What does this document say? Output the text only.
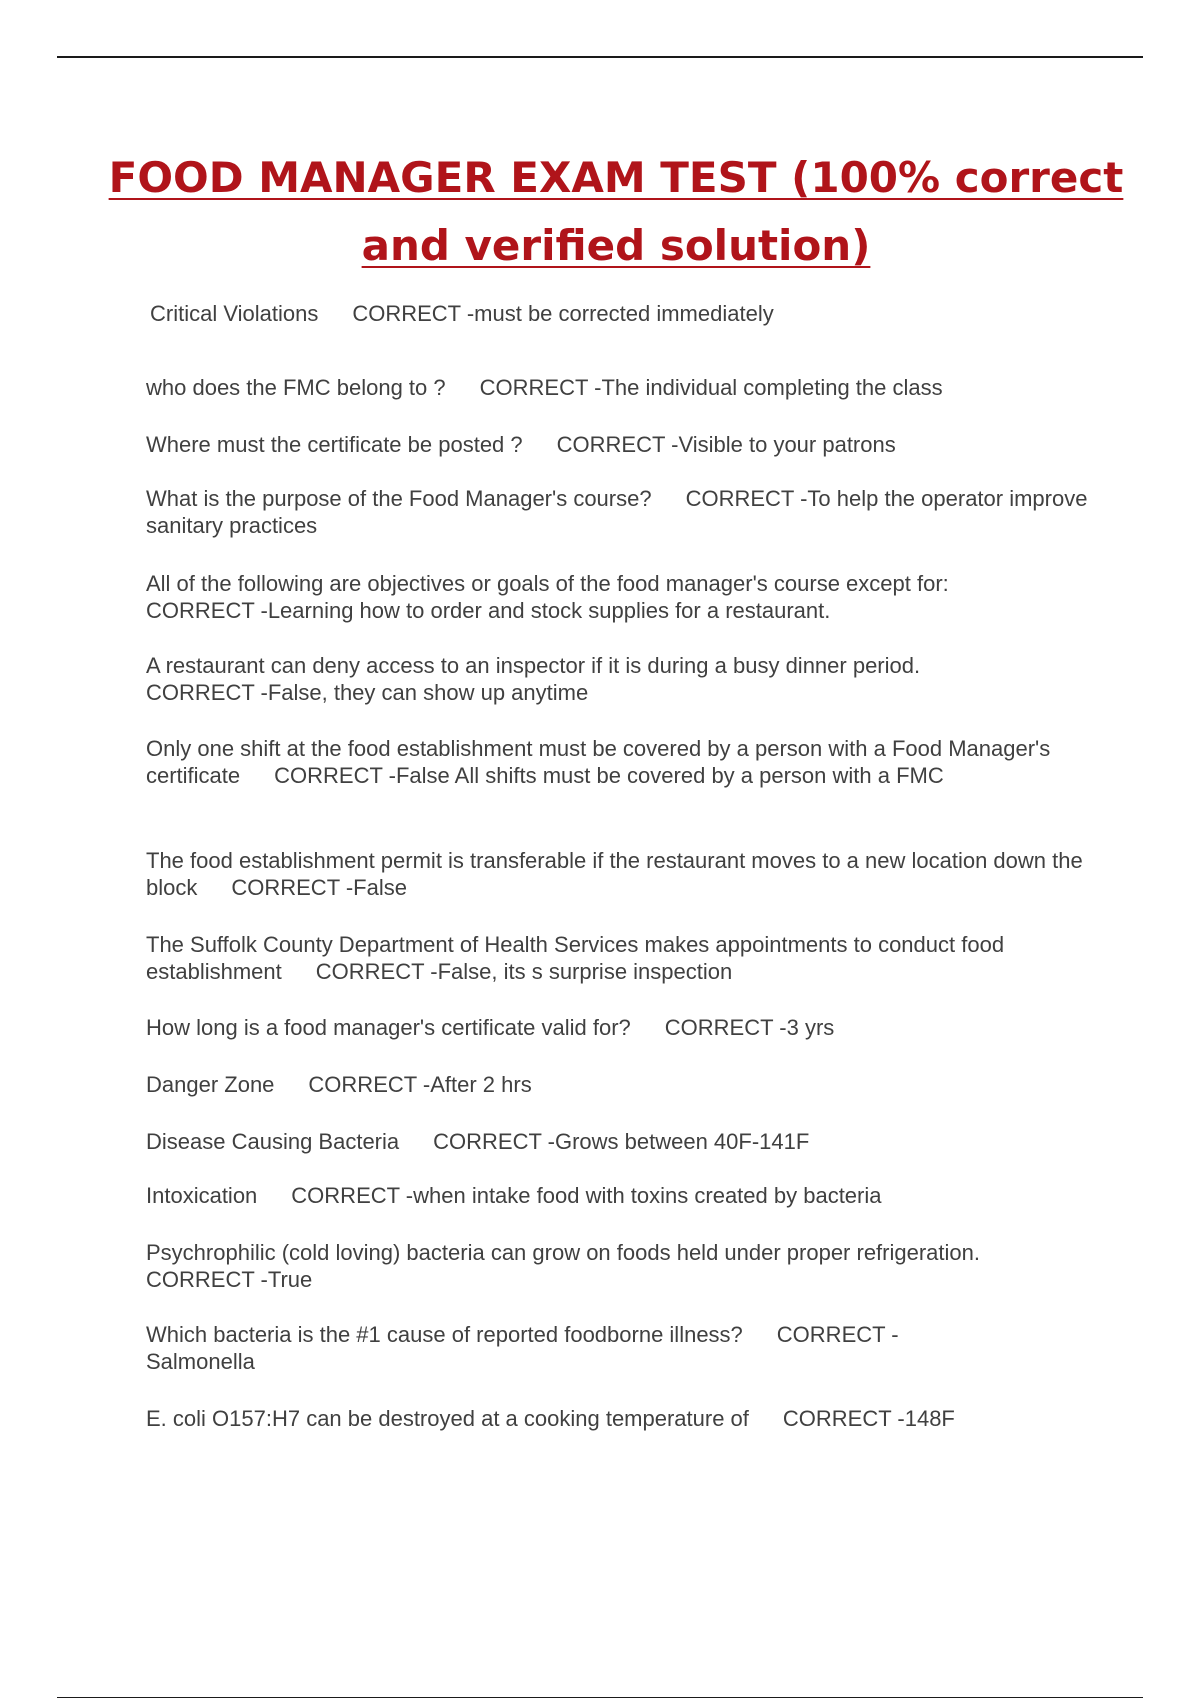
FOOD MANAGER EXAM TEST (100% correct and verified solution)
Critical Violations CORRECT -must be corrected immediately
who does the FMC belong to ? CORRECT -The individual completing the class
Where must the certificate be posted ? CORRECT -Visible to your patrons
What is the purpose of the Food Manager's course? CORRECT -To help the operator improve sanitary practices
All of the following are objectives or goals of the food manager's course except for:CORRECT -Learning how to order and stock supplies for a restaurant.
A restaurant can deny access to an inspector if it is during a busy dinner period.CORRECT -False, they can show up anytime
Only one shift at the food establishment must be covered by a person with a Food Manager's certificate CORRECT -False All shifts must be covered by a person with a FMC
The food establishment permit is transferable if the restaurant moves to a new location down the block CORRECT -False
The Suffolk County Department of Health Services makes appointments to conduct food establishment CORRECT -False, its s surprise inspection
How long is a food manager's certificate valid for? CORRECT -3 yrs
Danger Zone CORRECT -After 2 hrs
Disease Causing Bacteria CORRECT -Grows between 40F-141F
Intoxication CORRECT -when intake food with toxins created by bacteria
Psychrophilic (cold loving) bacteria can grow on foods held under proper refrigeration.CORRECT -True
Which bacteria is the #1 cause of reported foodborne illness? CORRECT - Salmonella
E. coli O157:H7 can be destroyed at a cooking temperature of CORRECT -148F
